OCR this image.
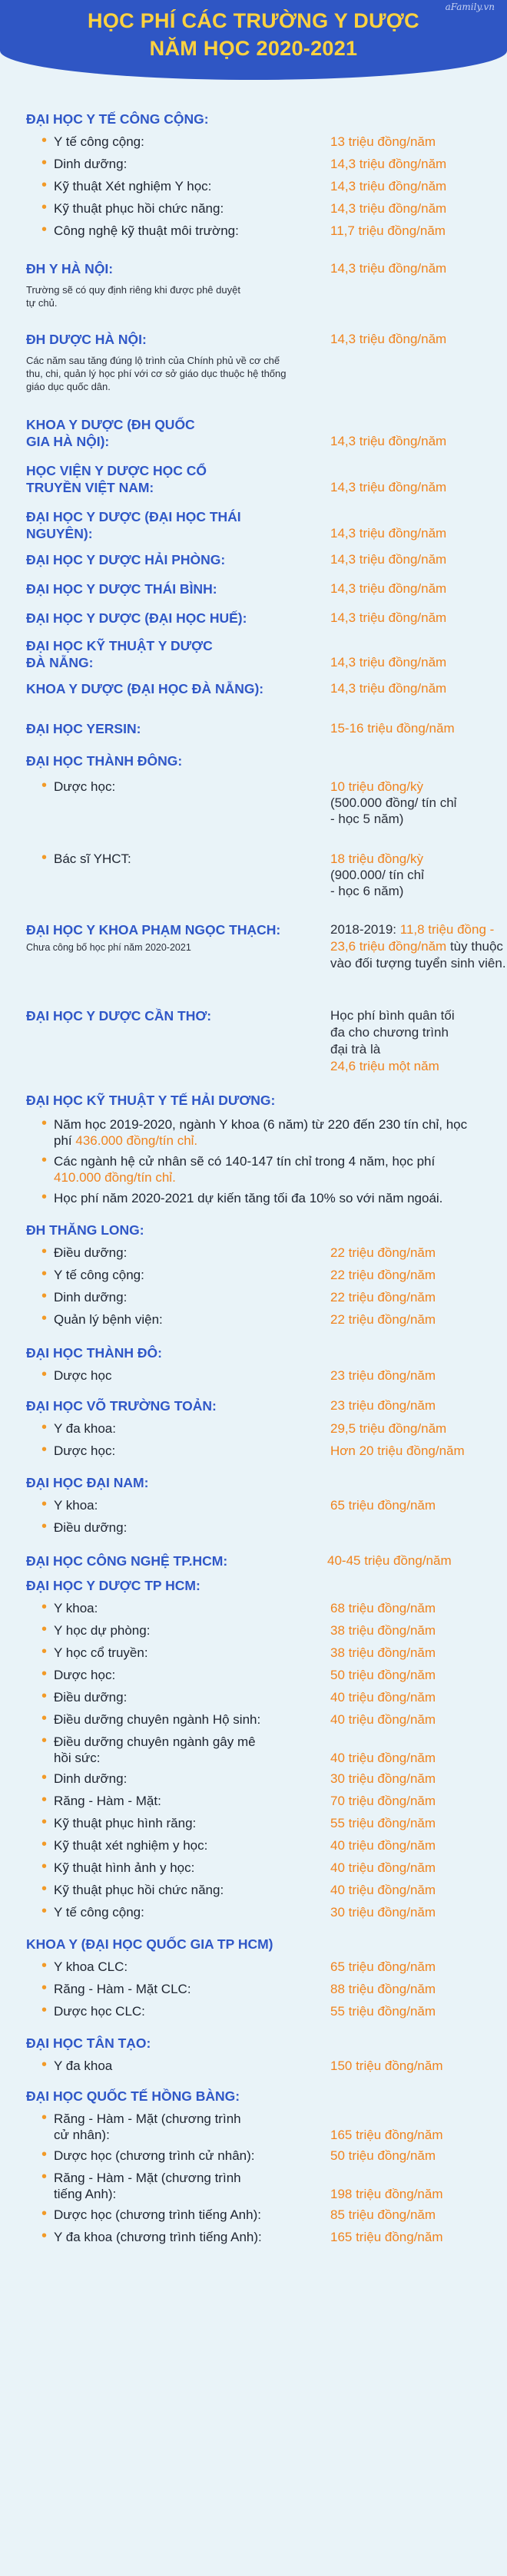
aFamily.vn
HỌC PHÍ CÁC TRƯỜNG Y DƯỢC
NĂM HỌC 2020-2021
ĐẠI HỌC Y TẾ CÔNG CỘNG:
• Y tế công cộng:	13 triệu đồng/năm
• Dinh dưỡng:	14,3 triệu đồng/năm
• Kỹ thuật Xét nghiệm Y học:	14,3 triệu đồng/năm
• Kỹ thuật phục hồi chức năng:	14,3 triệu đồng/năm
• Công nghệ kỹ thuật môi trường:	11,7 triệu đồng/năm
ĐH Y HÀ NỘI:	14,3 triệu đồng/năm
Trường sẽ có quy định riêng khi được phê duyệt tự chủ.
ĐH DƯỢC HÀ NỘI:	14,3 triệu đồng/năm
Các năm sau tăng đúng lộ trình của Chính phủ về cơ chế thu, chi, quản lý học phí với cơ sở giáo dục thuộc hệ thống giáo dục quốc dân.
KHOA Y DƯỢC (ĐH QUỐC GIA HÀ NỘI):	14,3 triệu đồng/năm
HỌC VIỆN Y DƯỢC HỌC CỔ TRUYỀN VIỆT NAM:	14,3 triệu đồng/năm
ĐẠI HỌC Y DƯỢC (ĐẠI HỌC THÁI NGUYÊN):	14,3 triệu đồng/năm
ĐẠI HỌC Y DƯỢC HẢI PHÒNG:	14,3 triệu đồng/năm
ĐẠI HỌC Y DƯỢC THÁI BÌNH:	14,3 triệu đồng/năm
ĐẠI HỌC Y DƯỢC (ĐẠI HỌC HUẾ):	14,3 triệu đồng/năm
ĐẠI HỌC KỸ THUẬT Y DƯỢC ĐÀ NẴNG:	14,3 triệu đồng/năm
KHOA Y DƯỢC (ĐẠI HỌC ĐÀ NẴNG):	14,3 triệu đồng/năm
ĐẠI HỌC YERSIN:	15-16 triệu đồng/năm
ĐẠI HỌC THÀNH ĐÔNG:
• Dược học:	10 triệu đồng/kỳ
(500.000 đồng/ tín chỉ
- học 5 năm)
• Bác sĩ YHCT:	18 triệu đồng/kỳ
(900.000/ tín chỉ
- học 6 năm)
ĐẠI HỌC Y KHOA PHẠM NGỌC THẠCH:
Chưa công bố học phí năm 2020-2021
2018-2019: 11,8 triệu đồng - 23,6 triệu đồng/năm tùy thuộc vào đối tượng tuyển sinh viên.
ĐẠI HỌC Y DƯỢC CẦN THƠ:	Học phí bình quân tối đa cho chương trình đại trà là
24,6 triệu một năm
ĐẠI HỌC KỸ THUẬT Y TẾ HẢI DƯƠNG:
• Năm học 2019-2020, ngành Y khoa (6 năm) từ 220 đến 230 tín chỉ, học phí 436.000 đồng/tín chỉ.
• Các ngành hệ cử nhân sẽ có 140-147 tín chỉ trong 4 năm, học phí 410.000 đồng/tín chỉ.
• Học phí năm 2020-2021 dự kiến tăng tối đa 10% so với năm ngoái.
ĐH THĂNG LONG:
• Điều dưỡng:	22 triệu đồng/năm
• Y tế công cộng:	22 triệu đồng/năm
• Dinh dưỡng:	22 triệu đồng/năm
• Quản lý bệnh viện:	22 triệu đồng/năm
ĐẠI HỌC THÀNH ĐÔ:
• Dược học	23 triệu đồng/năm
ĐẠI HỌC VÕ TRƯỜNG TOẢN:	23 triệu đồng/năm
• Y đa khoa:	29,5 triệu đồng/năm
• Dược học:	Hơn 20 triệu đồng/năm
ĐẠI HỌC ĐẠI NAM:
• Y khoa:	65 triệu đồng/năm
• Điều dưỡng:
ĐẠI HỌC CÔNG NGHỆ TP.HCM:	40-45 triệu đồng/năm
ĐẠI HỌC Y DƯỢC TP HCM:
• Y khoa:	68 triệu đồng/năm
• Y học dự phòng:	38 triệu đồng/năm
• Y học cổ truyền:	38 triệu đồng/năm
• Dược học:	50 triệu đồng/năm
• Điều dưỡng:	40 triệu đồng/năm
• Điều dưỡng chuyên ngành Hộ sinh:	40 triệu đồng/năm
• Điều dưỡng chuyên ngành gây mê hồi sức:	40 triệu đồng/năm
• Dinh dưỡng:	30 triệu đồng/năm
• Răng - Hàm - Mặt:	70 triệu đồng/năm
• Kỹ thuật phục hình răng:	55 triệu đồng/năm
• Kỹ thuật xét nghiệm y học:	40 triệu đồng/năm
• Kỹ thuật hình ảnh y học:	40 triệu đồng/năm
• Kỹ thuật phục hồi chức năng:	40 triệu đồng/năm
• Y tế công cộng:	30 triệu đồng/năm
KHOA Y (ĐẠI HỌC QUỐC GIA TP HCM)
• Y khoa CLC:	65 triệu đồng/năm
• Răng - Hàm - Mặt CLC:	88 triệu đồng/năm
• Dược học CLC:	55 triệu đồng/năm
ĐẠI HỌC TÂN TẠO:
• Y đa khoa	150 triệu đồng/năm
ĐẠI HỌC QUỐC TẾ HỒNG BÀNG:
• Răng - Hàm - Mặt (chương trình cử nhân):	165 triệu đồng/năm
• Dược học (chương trình cử nhân):	50 triệu đồng/năm
• Răng - Hàm - Mặt (chương trình tiếng Anh):	198 triệu đồng/năm
• Dược học (chương trình tiếng Anh):	85 triệu đồng/năm
• Y đa khoa (chương trình tiếng Anh):	165 triệu đồng/năm
